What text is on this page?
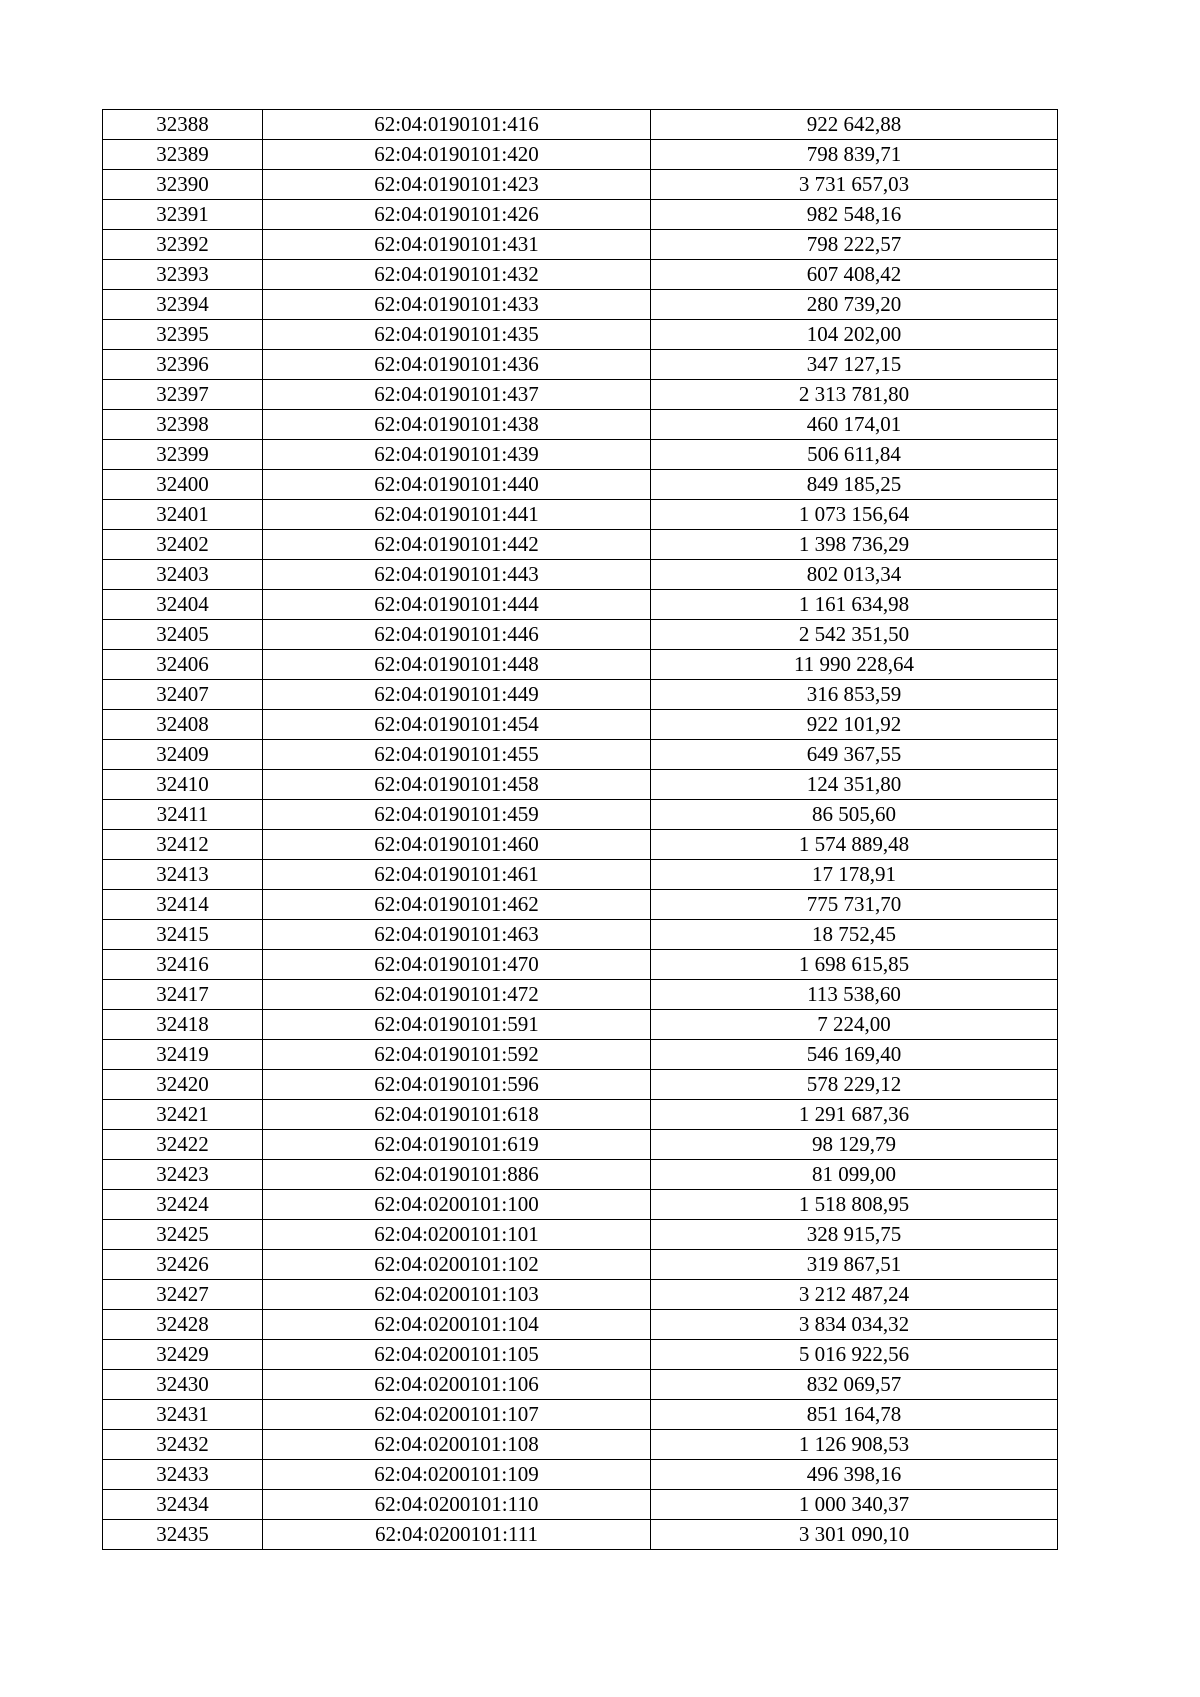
32388	62:04:0190101:416	922 642,88
32389	62:04:0190101:420	798 839,71
32390	62:04:0190101:423	3 731 657,03
32391	62:04:0190101:426	982 548,16
32392	62:04:0190101:431	798 222,57
32393	62:04:0190101:432	607 408,42
32394	62:04:0190101:433	280 739,20
32395	62:04:0190101:435	104 202,00
32396	62:04:0190101:436	347 127,15
32397	62:04:0190101:437	2 313 781,80
32398	62:04:0190101:438	460 174,01
32399	62:04:0190101:439	506 611,84
32400	62:04:0190101:440	849 185,25
32401	62:04:0190101:441	1 073 156,64
32402	62:04:0190101:442	1 398 736,29
32403	62:04:0190101:443	802 013,34
32404	62:04:0190101:444	1 161 634,98
32405	62:04:0190101:446	2 542 351,50
32406	62:04:0190101:448	11 990 228,64
32407	62:04:0190101:449	316 853,59
32408	62:04:0190101:454	922 101,92
32409	62:04:0190101:455	649 367,55
32410	62:04:0190101:458	124 351,80
32411	62:04:0190101:459	86 505,60
32412	62:04:0190101:460	1 574 889,48
32413	62:04:0190101:461	17 178,91
32414	62:04:0190101:462	775 731,70
32415	62:04:0190101:463	18 752,45
32416	62:04:0190101:470	1 698 615,85
32417	62:04:0190101:472	113 538,60
32418	62:04:0190101:591	7 224,00
32419	62:04:0190101:592	546 169,40
32420	62:04:0190101:596	578 229,12
32421	62:04:0190101:618	1 291 687,36
32422	62:04:0190101:619	98 129,79
32423	62:04:0190101:886	81 099,00
32424	62:04:0200101:100	1 518 808,95
32425	62:04:0200101:101	328 915,75
32426	62:04:0200101:102	319 867,51
32427	62:04:0200101:103	3 212 487,24
32428	62:04:0200101:104	3 834 034,32
32429	62:04:0200101:105	5 016 922,56
32430	62:04:0200101:106	832 069,57
32431	62:04:0200101:107	851 164,78
32432	62:04:0200101:108	1 126 908,53
32433	62:04:0200101:109	496 398,16
32434	62:04:0200101:110	1 000 340,37
32435	62:04:0200101:111	3 301 090,10
